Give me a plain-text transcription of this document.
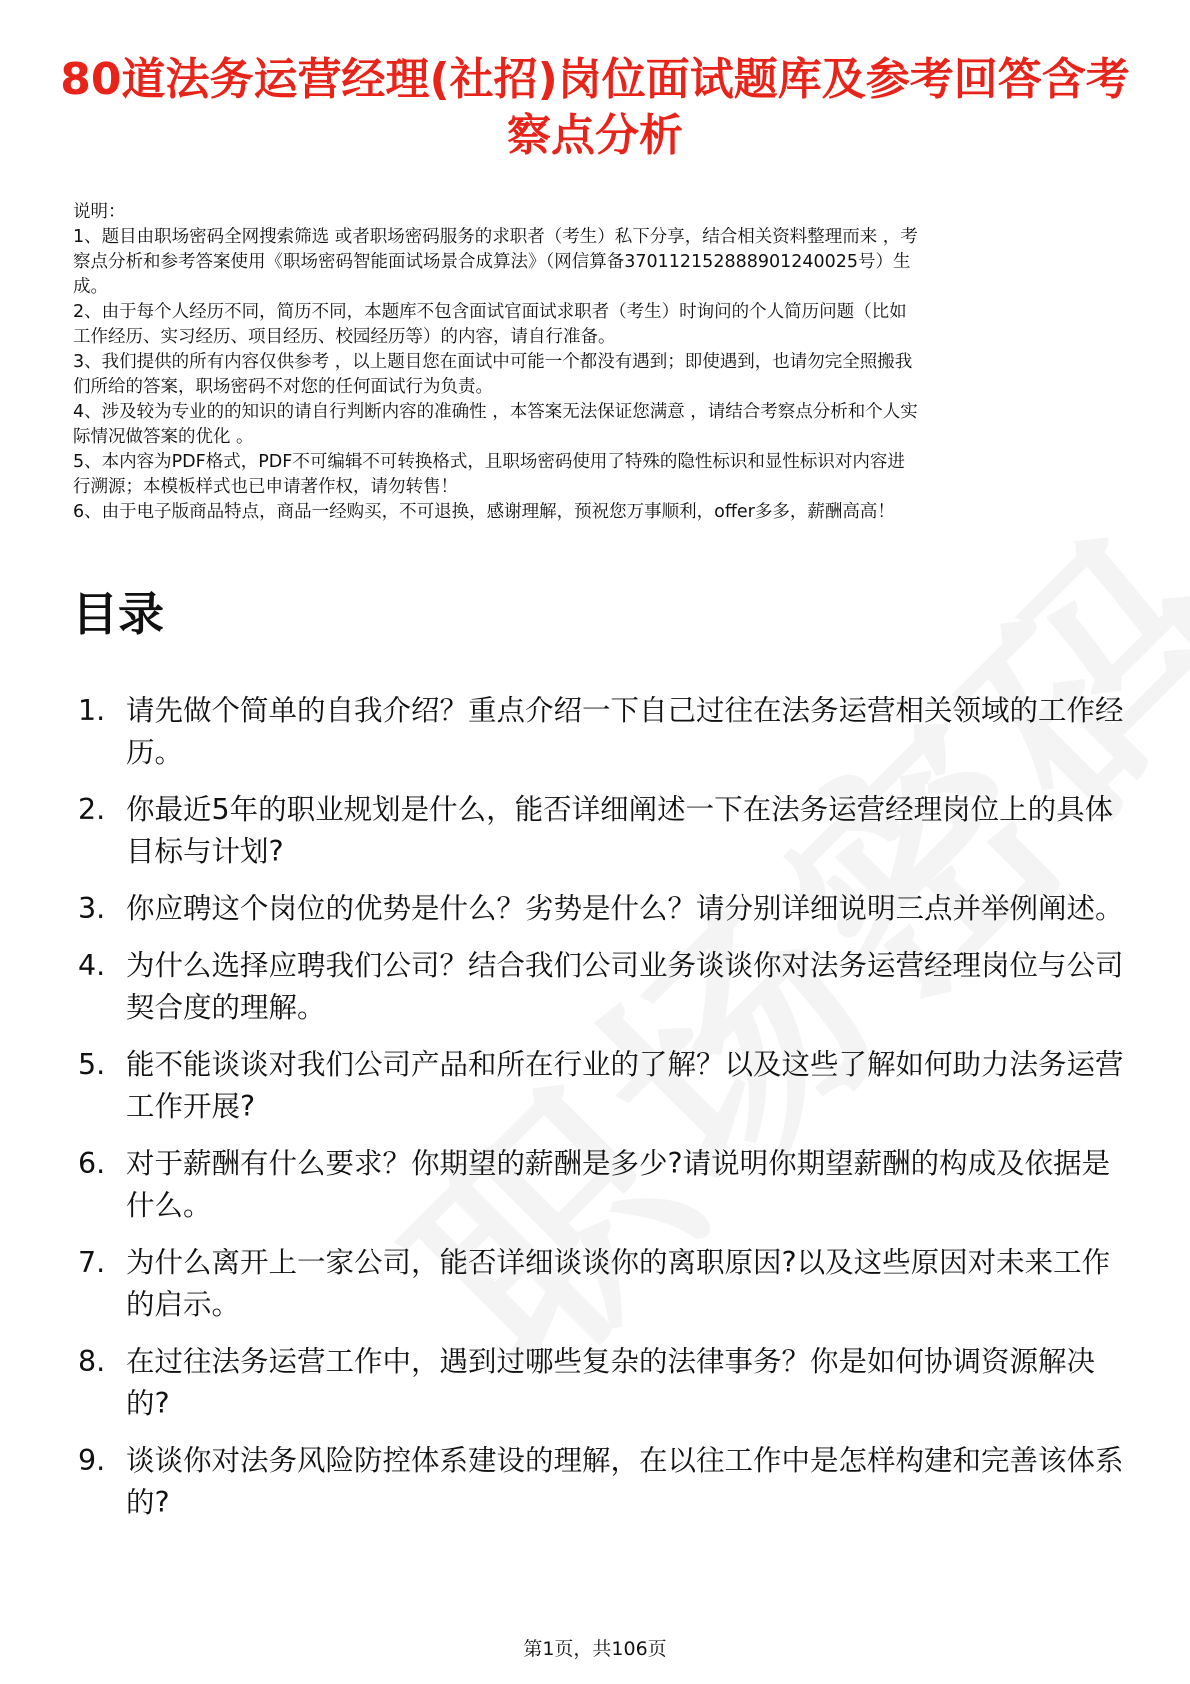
80道法务运营经理(社招)岗位面试题库及参考回答含考察点分析
说明：
1、题目由职场密码全网搜索筛选 或者职场密码服务的求职者（考生）私下分享，结合相关资料整理而来 ，考
察点分析和参考答案使用《职场密码智能面试场景合成算法》（网信算备370112152888901240025号）生
成。
2、由于每个人经历不同，简历不同，本题库不包含面试官面试求职者（考生）时询问的个人简历问题（比如
工作经历、实习经历、项目经历、校园经历等）的内容，请自行准备。
3、我们提供的所有内容仅供参考 ，以上题目您在面试中可能一个都没有遇到；即使遇到，也请勿完全照搬我
们所给的答案，职场密码不对您的任何面试行为负责。
4、涉及较为专业的的知识的请自行判断内容的准确性 ，本答案无法保证您满意 ，请结合考察点分析和个人实
际情况做答案的优化 。
5、本内容为PDF格式，PDF不可编辑不可转换格式，且职场密码使用了特殊的隐性标识和显性标识对内容进
行溯源；本模板样式也已申请著作权，请勿转售！
6、由于电子版商品特点，商品一经购买，不可退换，感谢理解，预祝您万事顺利，offer多多，薪酬高高！
目录
1. 请先做个简单的自我介绍？重点介绍一下自己过往在法务运营相关领域的工作经历。
2. 你最近5年的职业规划是什么，能否详细阐述一下在法务运营经理岗位上的具体目标与计划?
3. 你应聘这个岗位的优势是什么？劣势是什么？请分别详细说明三点并举例阐述。
4. 为什么选择应聘我们公司？结合我们公司业务谈谈你对法务运营经理岗位与公司契合度的理解。
5. 能不能谈谈对我们公司产品和所在行业的了解？以及这些了解如何助力法务运营工作开展?
6. 对于薪酬有什么要求？你期望的薪酬是多少?请说明你期望薪酬的构成及依据是什么。
7. 为什么离开上一家公司，能否详细谈谈你的离职原因?以及这些原因对未来工作的启示。
8. 在过往法务运营工作中，遇到过哪些复杂的法律事务？你是如何协调资源解决的?
9. 谈谈你对法务风险防控体系建设的理解，在以往工作中是怎样构建和完善该体系的?
第1页，共106页
